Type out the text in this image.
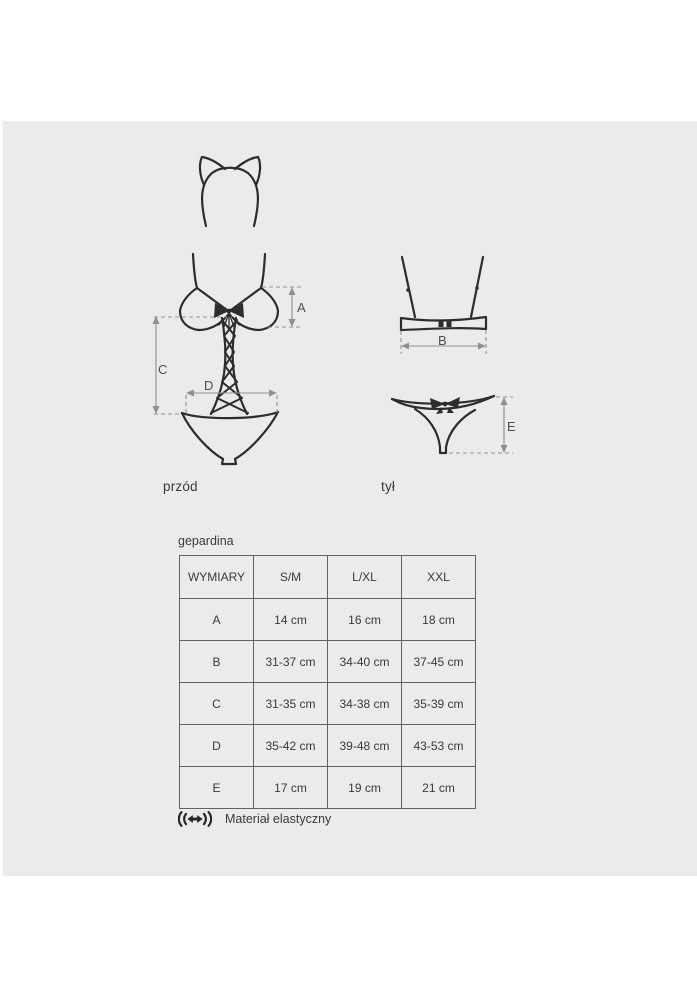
A
C
D
B
E
przód	tył
gepardina
WYMIARY	S/M	L/XL	XXL
A	14 cm	16 cm	18 cm
B	31-37 cm	34-40 cm	37-45 cm
C	31-35 cm	34-38 cm	35-39 cm
D	35-42 cm	39-48 cm	43-53 cm
E	17 cm	19 cm	21 cm
Materiał elastyczny
